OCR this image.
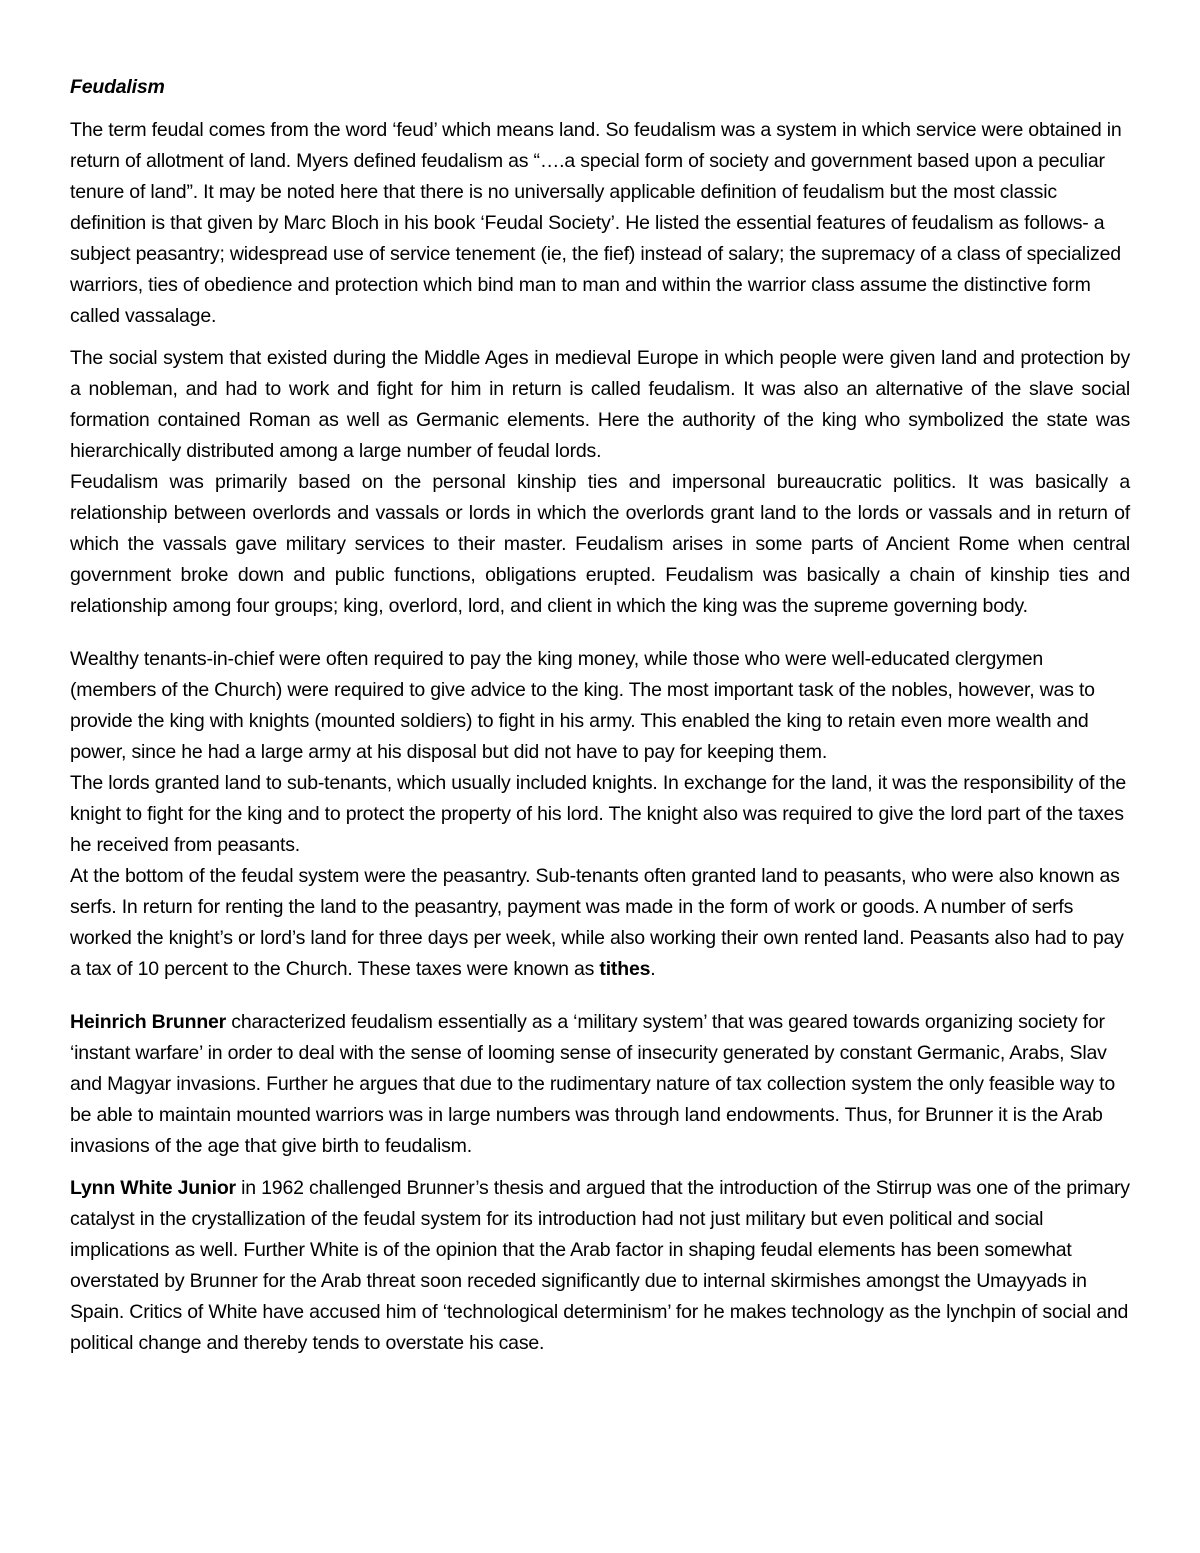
Feudalism

The term feudal comes from the word ‘feud’ which means land. So feudalism was a system in which service were obtained in return of allotment of land. Myers defined feudalism as “….a special form of society and government based upon a peculiar tenure of land”. It may be noted here that there is no universally applicable definition of feudalism but the most classic definition is that given by Marc Bloch in his book ‘Feudal Society’. He listed the essential features of feudalism as follows- a subject peasantry; widespread use of service tenement (ie, the fief) instead of salary; the supremacy of a class of specialized warriors, ties of obedience and protection which bind man to man and within the warrior class assume the distinctive form called vassalage.

The social system that existed during the Middle Ages in medieval Europe in which people were given land and protection by a nobleman, and had to work and fight for him in return is called feudalism. It was also an alternative of the slave social formation contained Roman as well as Germanic elements. Here the authority of the king who symbolized the state was hierarchically distributed among a large number of feudal lords.

Feudalism was primarily based on the personal kinship ties and impersonal bureaucratic politics. It was basically a relationship between overlords and vassals or lords in which the overlords grant land to the lords or vassals and in return of which the vassals gave military services to their master. Feudalism arises in some parts of Ancient Rome when central government broke down and public functions, obligations erupted. Feudalism was basically a chain of kinship ties and relationship among four groups; king, overlord, lord, and client in which the king was the supreme governing body.

Wealthy tenants-in-chief were often required to pay the king money, while those who were well-educated clergymen (members of the Church) were required to give advice to the king. The most important task of the nobles, however, was to provide the king with knights (mounted soldiers) to fight in his army. This enabled the king to retain even more wealth and power, since he had a large army at his disposal but did not have to pay for keeping them.

The lords granted land to sub-tenants, which usually included knights. In exchange for the land, it was the responsibility of the knight to fight for the king and to protect the property of his lord. The knight also was required to give the lord part of the taxes he received from peasants.

At the bottom of the feudal system were the peasantry. Sub-tenants often granted land to peasants, who were also known as serfs. In return for renting the land to the peasantry, payment was made in the form of work or goods. A number of serfs worked the knight’s or lord’s land for three days per week, while also working their own rented land. Peasants also had to pay a tax of 10 percent to the Church. These taxes were known as tithes.

Heinrich Brunner characterized feudalism essentially as a ‘military system’ that was geared towards organizing society for ‘instant warfare’ in order to deal with the sense of looming sense of insecurity generated by constant Germanic, Arabs, Slav and Magyar invasions. Further he argues that due to the rudimentary nature of tax collection system the only feasible way to be able to maintain mounted warriors was in large numbers was through land endowments. Thus, for Brunner it is the Arab invasions of the age that give birth to feudalism.

Lynn White Junior in 1962 challenged Brunner’s thesis and argued that the introduction of the Stirrup was one of the primary catalyst in the crystallization of the feudal system for its introduction had not just military but even political and social implications as well. Further White is of the opinion that the Arab factor in shaping feudal elements has been somewhat overstated by Brunner for the Arab threat soon receded significantly due to internal skirmishes amongst the Umayyads in Spain. Critics of White have accused him of ‘technological determinism’ for he makes technology as the lynchpin of social and political change and thereby tends to overstate his case.
